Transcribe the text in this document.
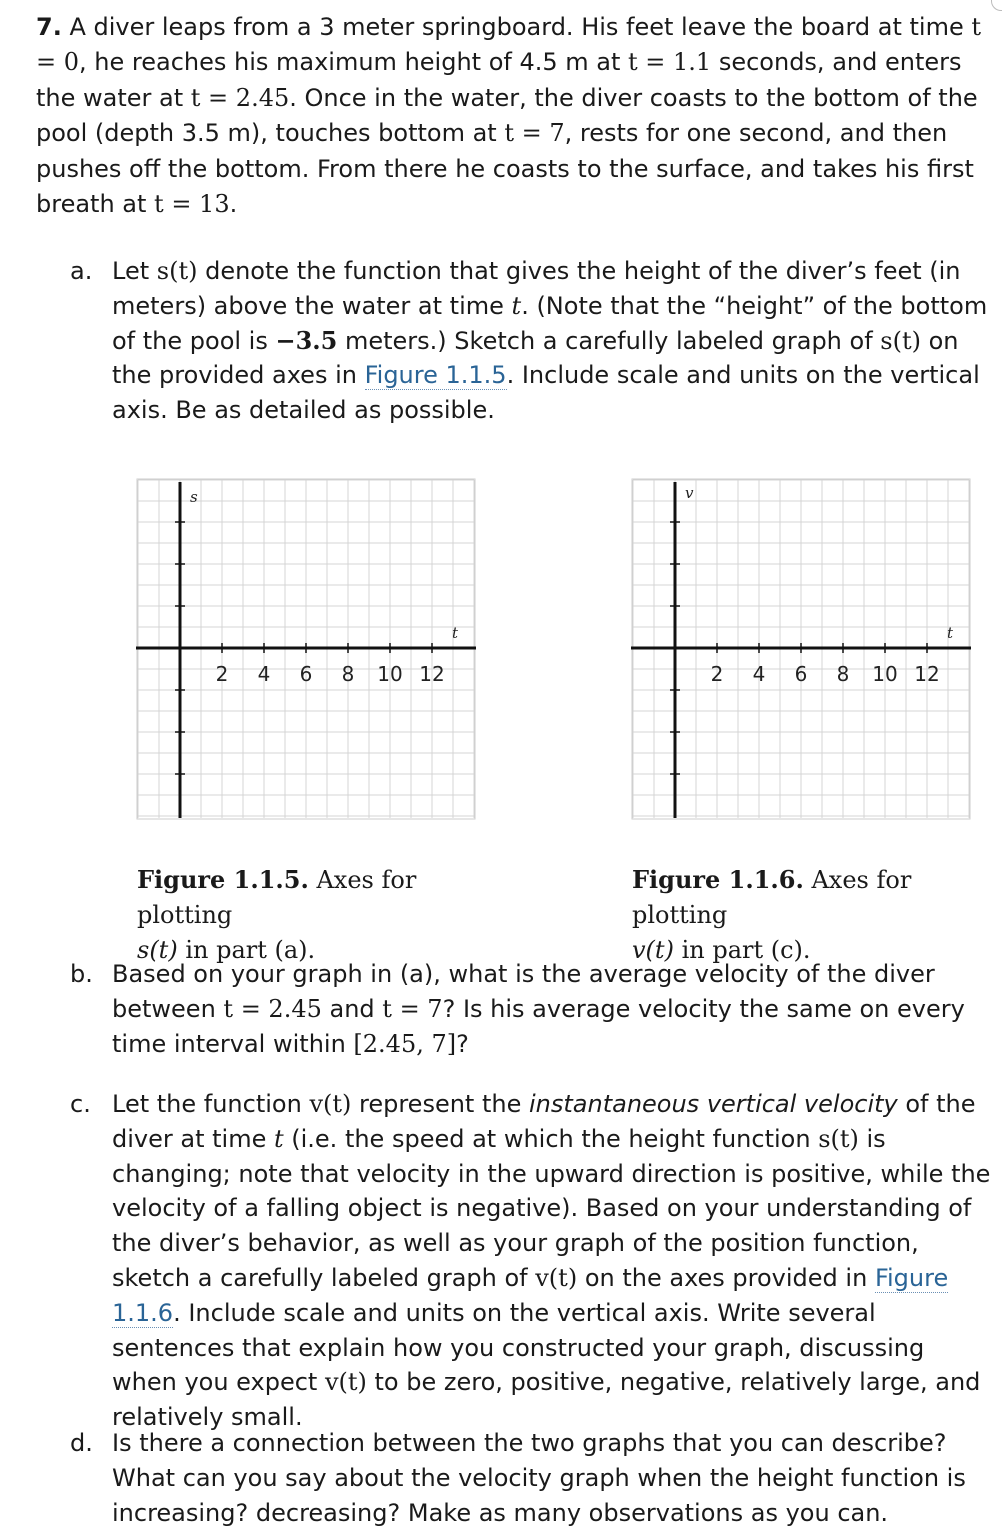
7. A diver leaps from a 3 meter springboard. His feet leave the board at time t = 0, he reaches his maximum height of 4.5 m at t = 1.1 seconds, and enters the water at t = 2.45. Once in the water, the diver coasts to the bottom of the pool (depth 3.5 m), touches bottom at t = 7, rests for one second, and then pushes off the bottom. From there he coasts to the surface, and takes his first breath at t = 13.
a. Let s(t) denote the function that gives the height of the diver’s feet (in meters) above the water at time t. (Note that the “height” of the bottom of the pool is −3.5 meters.) Sketch a carefully labeled graph of s(t) on the provided axes in Figure 1.1.5. Include scale and units on the vertical axis. Be as detailed as possible.
s
t
2 4 6 8 10 12
v
t
2 4 6 8 10 12
Figure 1.1.5. Axes for plotting
s(t) in part (a).
Figure 1.1.6. Axes for plotting
v(t) in part (c).
b. Based on your graph in (a), what is the average velocity of the diver between t = 2.45 and t = 7? Is his average velocity the same on every time interval within [2.45, 7]?
c. Let the function v(t) represent the instantaneous vertical velocity of the diver at time t (i.e. the speed at which the height function s(t) is changing; note that velocity in the upward direction is positive, while the velocity of a falling object is negative). Based on your understanding of the diver’s behavior, as well as your graph of the position function, sketch a carefully labeled graph of v(t) on the axes provided in Figure 1.1.6. Include scale and units on the vertical axis. Write several sentences that explain how you constructed your graph, discussing when you expect v(t) to be zero, positive, negative, relatively large, and relatively small.
d. Is there a connection between the two graphs that you can describe? What can you say about the velocity graph when the height function is increasing? decreasing? Make as many observations as you can.
